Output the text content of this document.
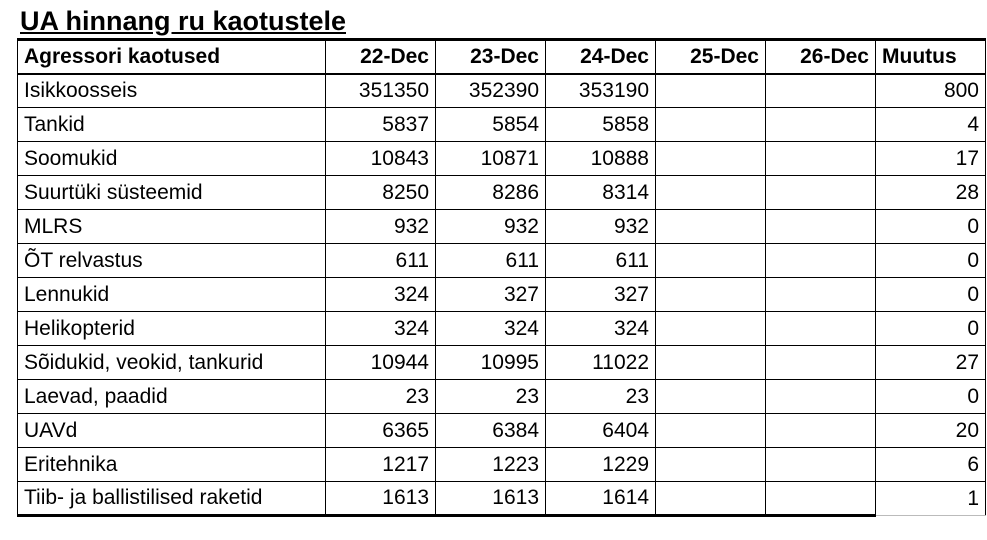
UA hinnang ru kaotustele
Agressori kaotused	22-Dec	23-Dec	24-Dec	25-Dec	26-Dec	Muutus
Isikkoosseis	351350	352390	353190			800
Tankid	5837	5854	5858			4
Soomukid	10843	10871	10888			17
Suurtüki süsteemid	8250	8286	8314			28
MLRS	932	932	932			0
ÕT relvastus	611	611	611			0
Lennukid	324	327	327			0
Helikopterid	324	324	324			0
Sõidukid, veokid, tankurid	10944	10995	11022			27
Laevad, paadid	23	23	23			0
UAVd	6365	6384	6404			20
Eritehnika	1217	1223	1229			6
Tiib- ja ballistilised raketid	1613	1613	1614			1
